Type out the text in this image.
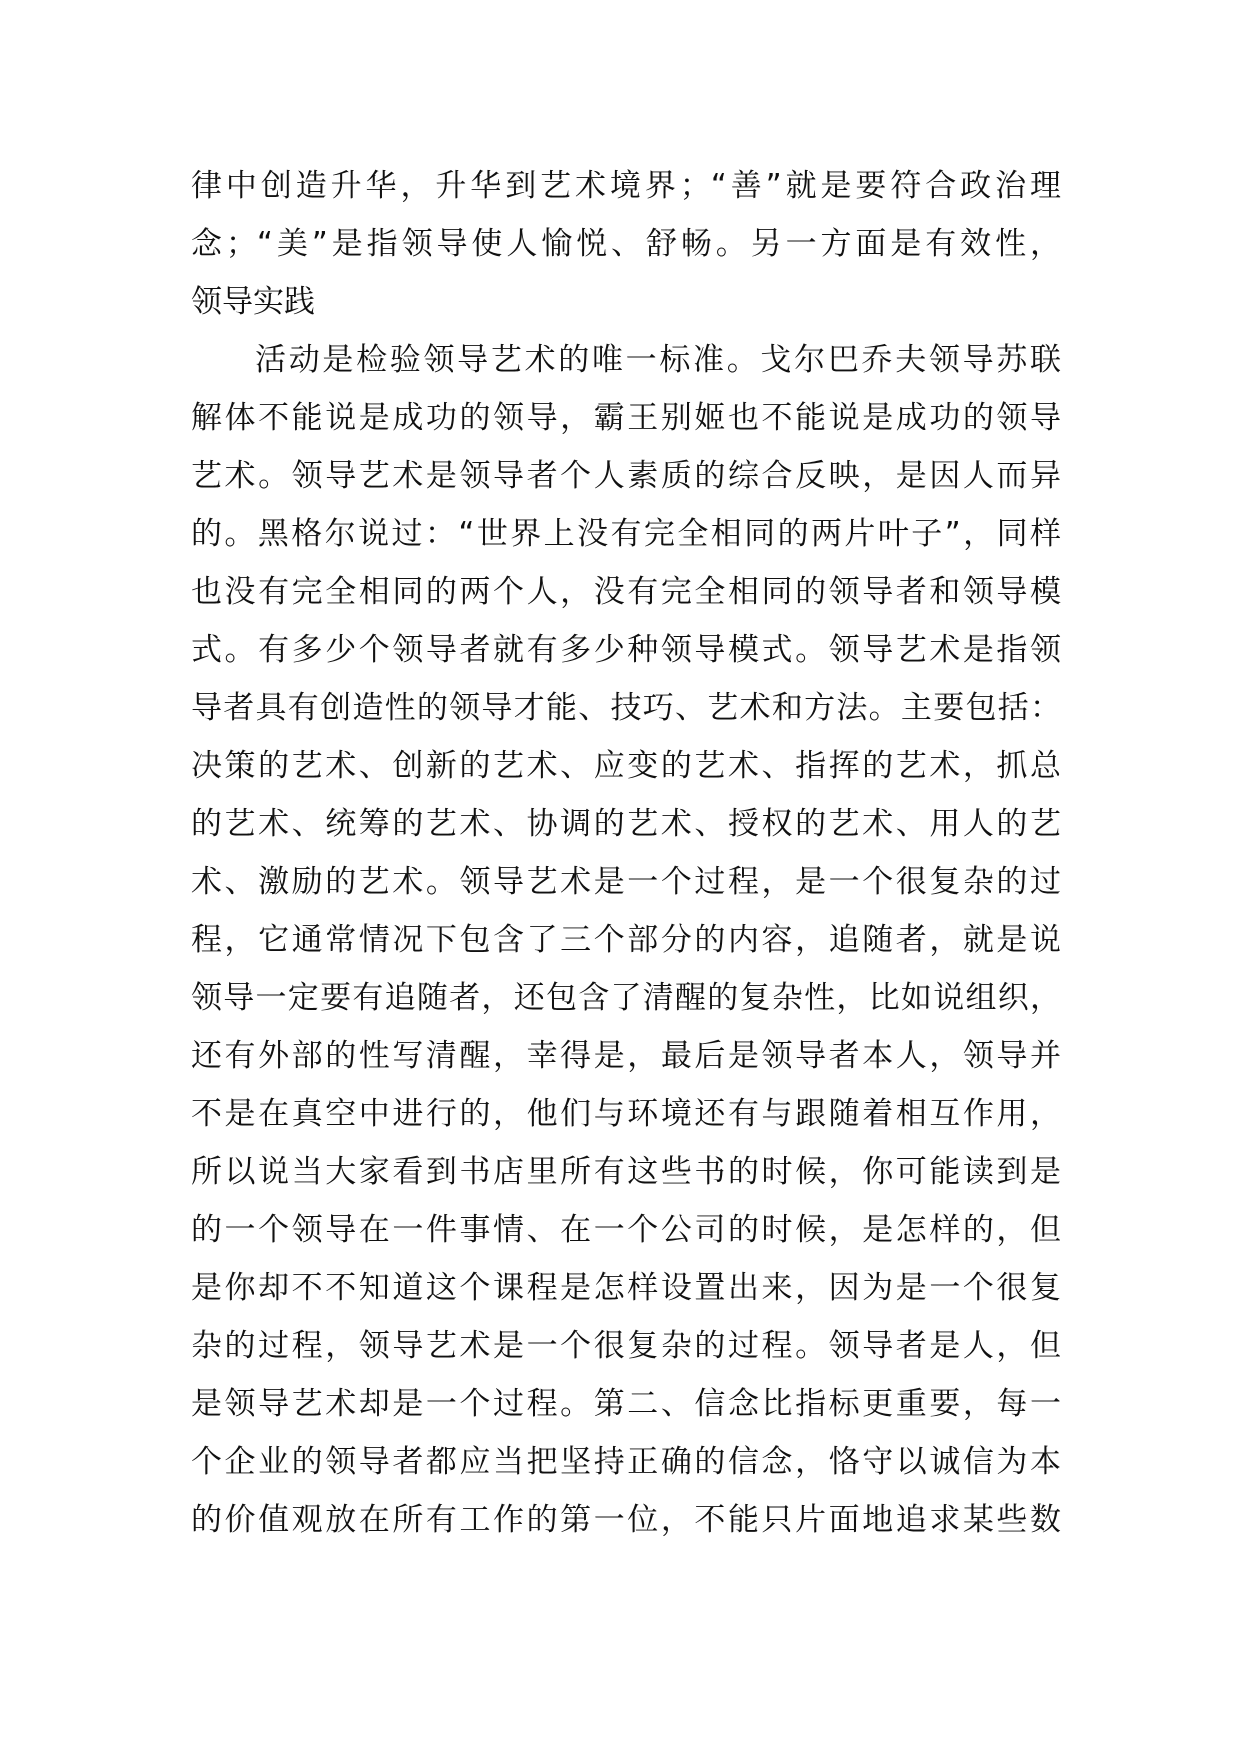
律中创造升华，升华到艺术境界；“善”就是要符合政治理
念；“美”是指领导使人愉悦、舒畅。另一方面是有效性，
领导实践
活动是检验领导艺术的唯一标准。戈尔巴乔夫领导苏联
解体不能说是成功的领导，霸王别姬也不能说是成功的领导
艺术。领导艺术是领导者个人素质的综合反映，是因人而异
的。黑格尔说过：“世界上没有完全相同的两片叶子”，同样
也没有完全相同的两个人，没有完全相同的领导者和领导模
式。有多少个领导者就有多少种领导模式。领导艺术是指领
导者具有创造性的领导才能、技巧、艺术和方法。主要包括：
决策的艺术、创新的艺术、应变的艺术、指挥的艺术，抓总
的艺术、统筹的艺术、协调的艺术、授权的艺术、用人的艺
术、激励的艺术。领导艺术是一个过程，是一个很复杂的过
程，它通常情况下包含了三个部分的内容，追随者，就是说
领导一定要有追随者，还包含了清醒的复杂性，比如说组织，
还有外部的性写清醒，幸得是，最后是领导者本人，领导并
不是在真空中进行的，他们与环境还有与跟随着相互作用，
所以说当大家看到书店里所有这些书的时候，你可能读到是
的一个领导在一件事情、在一个公司的时候，是怎样的，但
是你却不不知道这个课程是怎样设置出来，因为是一个很复
杂的过程，领导艺术是一个很复杂的过程。领导者是人，但
是领导艺术却是一个过程。第二、信念比指标更重要，每一
个企业的领导者都应当把坚持正确的信念，恪守以诚信为本
的价值观放在所有工作的第一位，不能只片面地追求某些数
